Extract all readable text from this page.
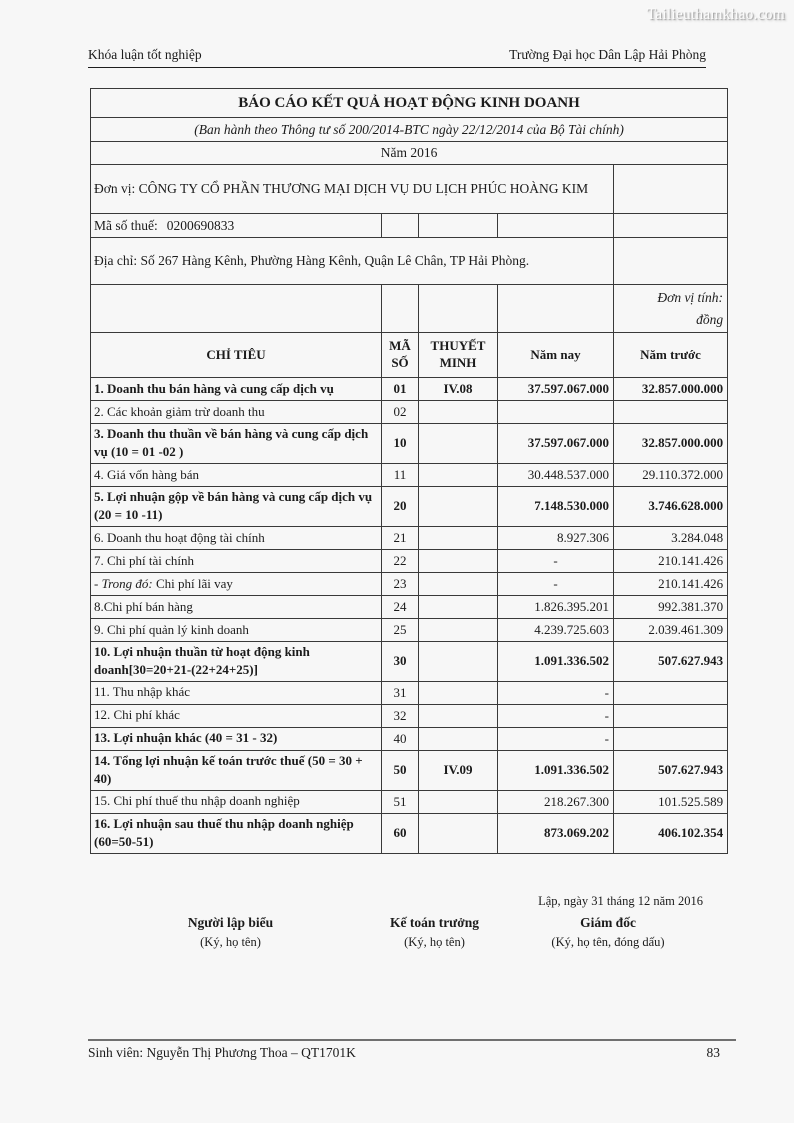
Tailieuthamkhao.com
Khóa luận tốt nghiệp	Trường Đại học Dân Lập Hải Phòng
BÁO CÁO KẾT QUẢ HOẠT ĐỘNG KINH DOANH				
(Ban hành theo Thông tư số 200/2014-BTC ngày 22/12/2014 của Bộ Tài chính)				
Năm 2016				
Đơn vị: CÔNG TY CỔ PHẦN THƯƠNG MẠI DỊCH VỤ DU LỊCH PHÚC HOÀNG KIM				
Mã số thuế: 0200690833				
Địa chỉ: Số 267 Hàng Kênh, Phường Hàng Kênh, Quận Lê Chân, TP Hải Phòng.				

				Đơn vị tính:
đồng

CHỈ TIÊU	MÃ SỐ	THUYẾT MINH	Năm nay	Năm trước
1. Doanh thu bán hàng và cung cấp dịch vụ	01	IV.08	37.597.067.000	32.857.000.000
2. Các khoản giảm trừ doanh thu	02			
3. Doanh thu thuần về bán hàng và cung cấp dịch vụ (10 = 01 -02 )	10		37.597.067.000	32.857.000.000
4. Giá vốn hàng bán	11		30.448.537.000	29.110.372.000
5. Lợi nhuận gộp về bán hàng và cung cấp dịch vụ (20 = 10 -11)	20		7.148.530.000	3.746.628.000
6. Doanh thu hoạt động tài chính	21		8.927.306	3.284.048
7. Chi phí tài chính	22		-	210.141.426
- Trong đó: Chi phí lãi vay	23		-	210.141.426
8.Chi phí bán hàng	24		1.826.395.201	992.381.370
9. Chi phí quản lý kinh doanh	25		4.239.725.603	2.039.461.309
10. Lợi nhuận thuần từ hoạt động kinh doanh[30=20+21-(22+24+25)]	30		1.091.336.502	507.627.943
11. Thu nhập khác	31		-	
12. Chi phí khác	32		-	
13. Lợi nhuận khác (40 = 31 - 32)	40		-	
14. Tổng lợi nhuận kế toán trước thuế (50 = 30 + 40)	50	IV.09	1.091.336.502	507.627.943
15. Chi phí thuế thu nhập doanh nghiệp	51		218.267.300	101.525.589
16. Lợi nhuận sau thuế thu nhập doanh nghiệp (60=50-51)	60		873.069.202	406.102.354
Lập, ngày 31 tháng 12 năm 2016
Người lập biểu
(Ký, họ tên)
Kế toán trưởng
(Ký, họ tên)
Giám đốc
(Ký, họ tên, đóng dấu)
Sinh viên: Nguyễn Thị Phương Thoa – QT1701K	83
